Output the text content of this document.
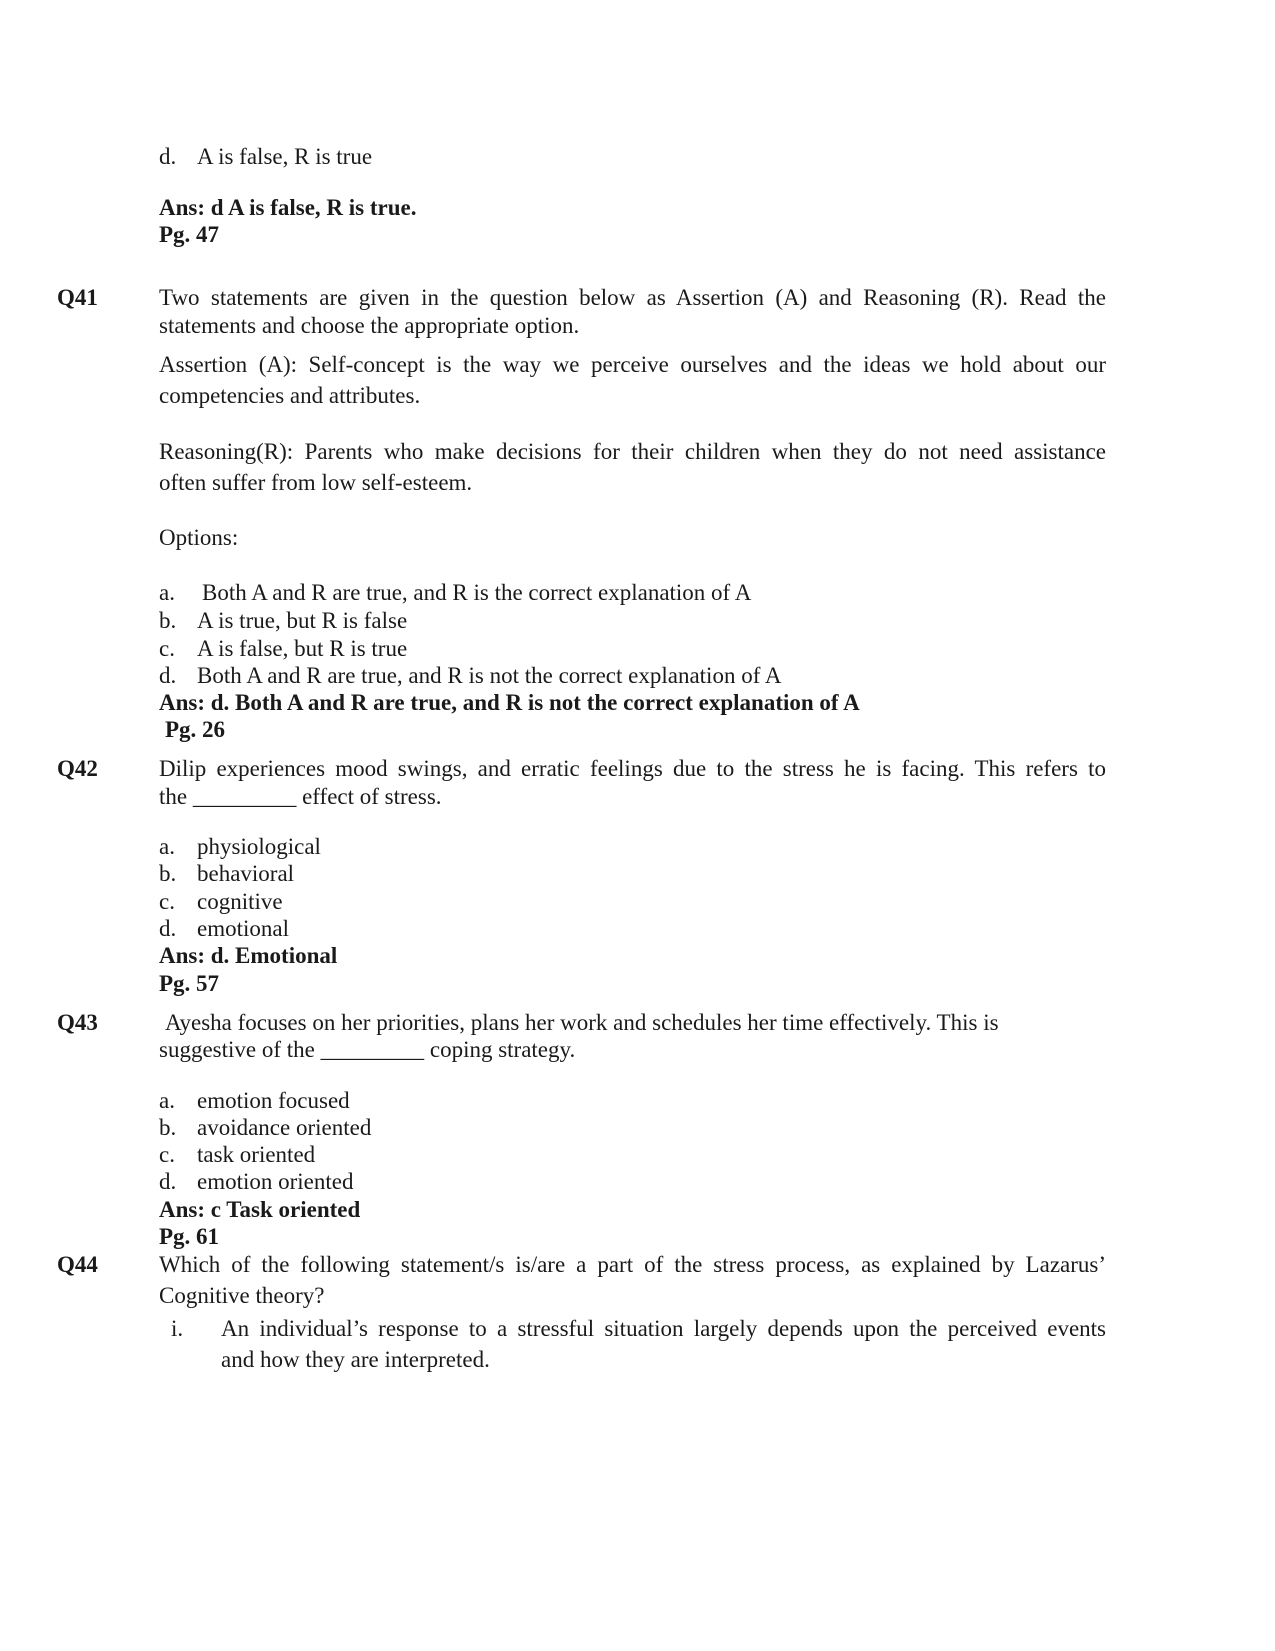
d. A is false, R is true
Ans: d A is false, R is true.
Pg. 47
Q41	Two statements are given in the question below as Assertion (A) and Reasoning (R). Read the
statements and choose the appropriate option.
Assertion (A): Self-concept is the way we perceive ourselves and the ideas we hold about our
competencies and attributes.
Reasoning(R): Parents who make decisions for their children when they do not need assistance
often suffer from low self-esteem.
Options:
a. Both A and R are true, and R is the correct explanation of A
b. A is true, but R is false
c. A is false, but R is true
d. Both A and R are true, and R is not the correct explanation of A
Ans: d. Both A and R are true, and R is not the correct explanation of A
Pg. 26
Q42	Dilip experiences mood swings, and erratic feelings due to the stress he is facing. This refers to
the _________ effect of stress.
a. physiological
b. behavioral
c. cognitive
d. emotional
Ans: d. Emotional
Pg. 57
Q43	Ayesha focuses on her priorities, plans her work and schedules her time effectively. This is
suggestive of the _________ coping strategy.
a. emotion focused
b. avoidance oriented
c. task oriented
d. emotion oriented
Ans: c Task oriented
Pg. 61
Q44	Which of the following statement/s is/are a part of the stress process, as explained by Lazarus’
Cognitive theory?
i. An individual’s response to a stressful situation largely depends upon the perceived events
and how they are interpreted.
